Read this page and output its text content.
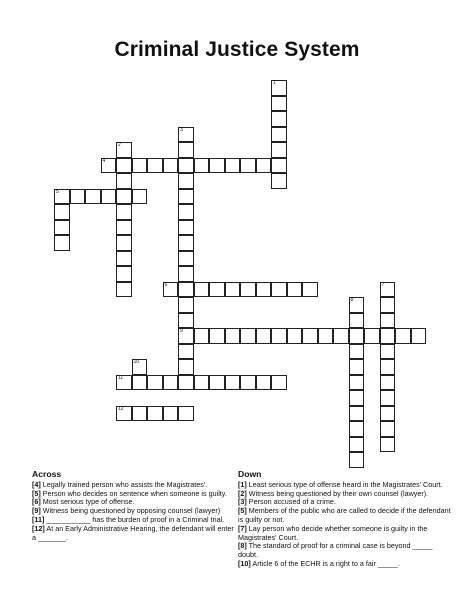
Criminal Justice System
4
5
6
9
11
12
1
2
3
7
8
10
Across

[4] Legally trained person who assists the Magistrates'.

[5] Person who decides on sentence when someone is guilty.

[6] Most serious type of offense.

[9] Witness being questioned by opposing counsel (lawyer)

[11] ___________ has the burden of proof in a Criminal trial.

[12] At an Early Administrative Hearing, the defendant will enter a _______.

Down

[1] Least serious type of offense heard in the Magistrates' Court.

[2] Witness being questioned by their own counsel (lawyer).

[3] Person accused of a crime.

[5] Members of the public who are called to decide if the defendant is guilty or not.

[7] Lay person who decide whether someone is guilty in the Magistrates' Court.

[8] The standard of proof for a criminal case is beyond _____ doubt.

[10] Article 6 of the ECHR is a right to a fair _____.
